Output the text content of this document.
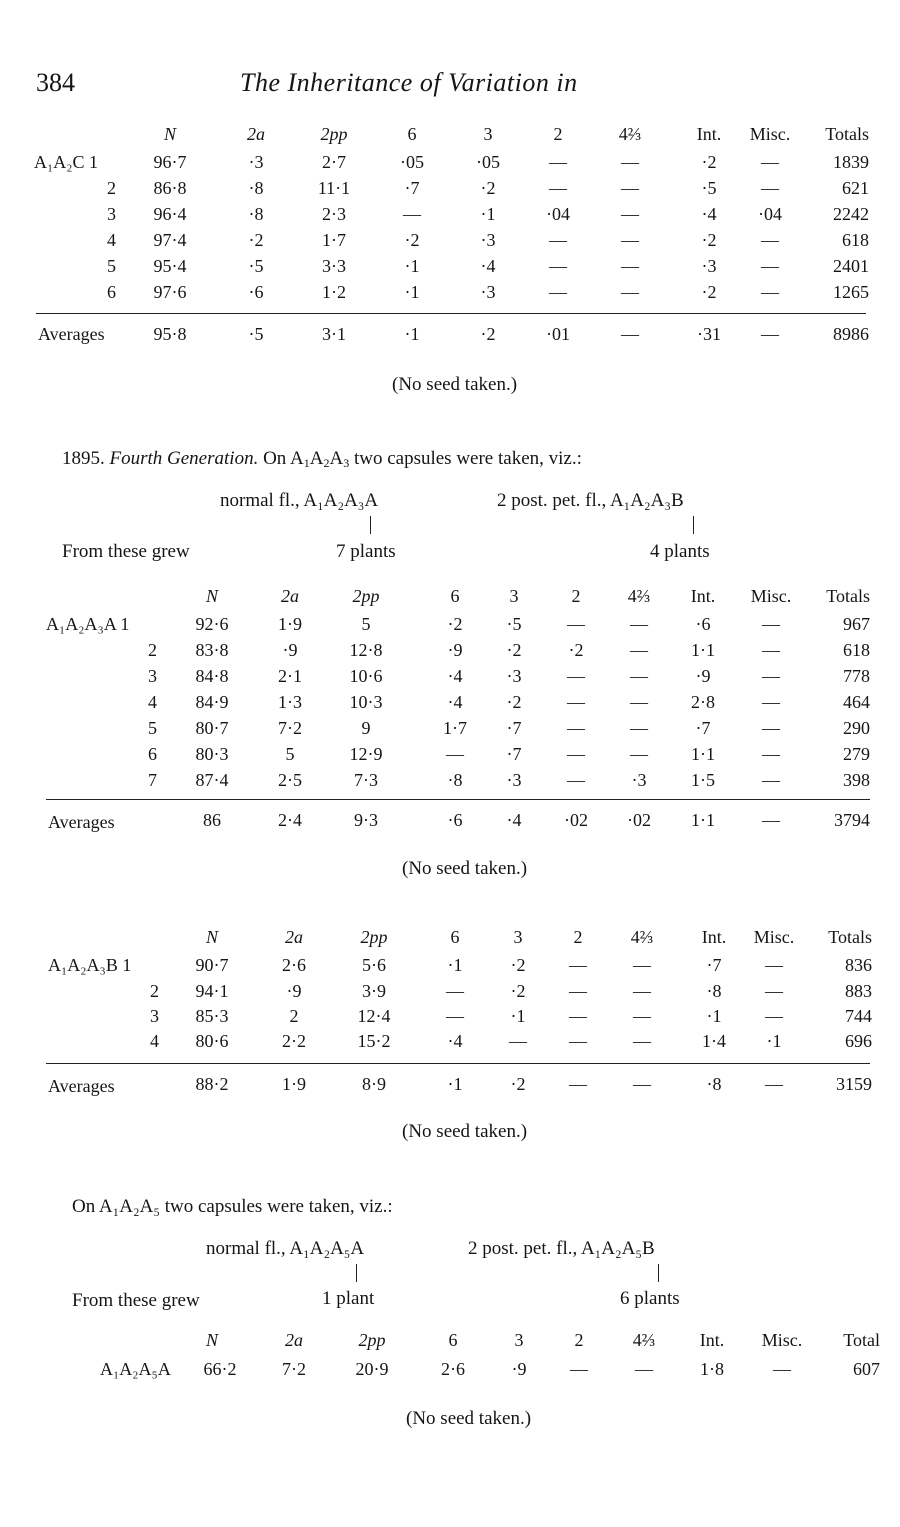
384	The Inheritance of Variation in
N	2a	2pp	6	3	2	4⅔	Int.	Misc.	Totals
A₁A₂C 1	96·7	·3	2·7	·05	·05	—	—	·2	—	1839
2	86·8	·8	11·1	·7	·2	—	—	·5	—	621
3	96·4	·8	2·3	—	·1	·04	—	·4	·04	2242
4	97·4	·2	1·7	·2	·3	—	—	·2	—	618
5	95·4	·5	3·3	·1	·4	—	—	·3	—	2401
6	97·6	·6	1·2	·1	·3	—	—	·2	—	1265
Averages	95·8	·5	3·1	·1	·2	·01	—	·31	—	8986
(No seed taken.)
1895. Fourth Generation. On $A_1A_2A_3$ two capsules were taken, viz.:
normal fl., A₁A₂A₃A	2 post. pet. fl., A₁A₂A₃B
From these grew	7 plants	4 plants
N	2a	2pp	6	3	2	4⅔	Int.	Misc.	Totals
A₁A₂A₃A 1	92·6	1·9	5	·2	·5	—	—	·6	—	967
2	83·8	·9	12·8	·9	·2	·2	—	1·1	—	618
3	84·8	2·1	10·6	·4	·3	—	—	·9	—	778
4	84·9	1·3	10·3	·4	·2	—	—	2·8	—	464
5	80·7	7·2	9	1·7	·7	—	—	·7	—	290
6	80·3	5	12·9	—	·7	—	—	1·1	—	279
7	87·4	2·5	7·3	·8	·3	—	·3	1·5	—	398
Averages	86	2·4	9·3	·6	·4	·02	·02	1·1	—	3794
(No seed taken.)
N	2a	2pp	6	3	2	4⅔	Int.	Misc.	Totals
A₁A₂A₃B 1	90·7	2·6	5·6	·1	·2	—	—	·7	—	836
2	94·1	·9	3·9	—	·2	—	—	·8	—	883
3	85·3	2	12·4	—	·1	—	—	·1	—	744
4	80·6	2·2	15·2	·4	—	—	—	1·4	·1	696
Averages	88·2	1·9	8·9	·1	·2	—	—	·8	—	3159
(No seed taken.)
On A₁A₂A₅ two capsules were taken, viz.:
normal fl., A₁A₂A₅A	2 post. pet. fl., A₁A₂A₅B
From these grew	1 plant	6 plants
N	2a	2pp	6	3	2	4⅔	Int.	Misc.	Total
A₁A₂A₅A	66·2	7·2	20·9	2·6	·9	—	—	1·8	—	607
(No seed taken.)
